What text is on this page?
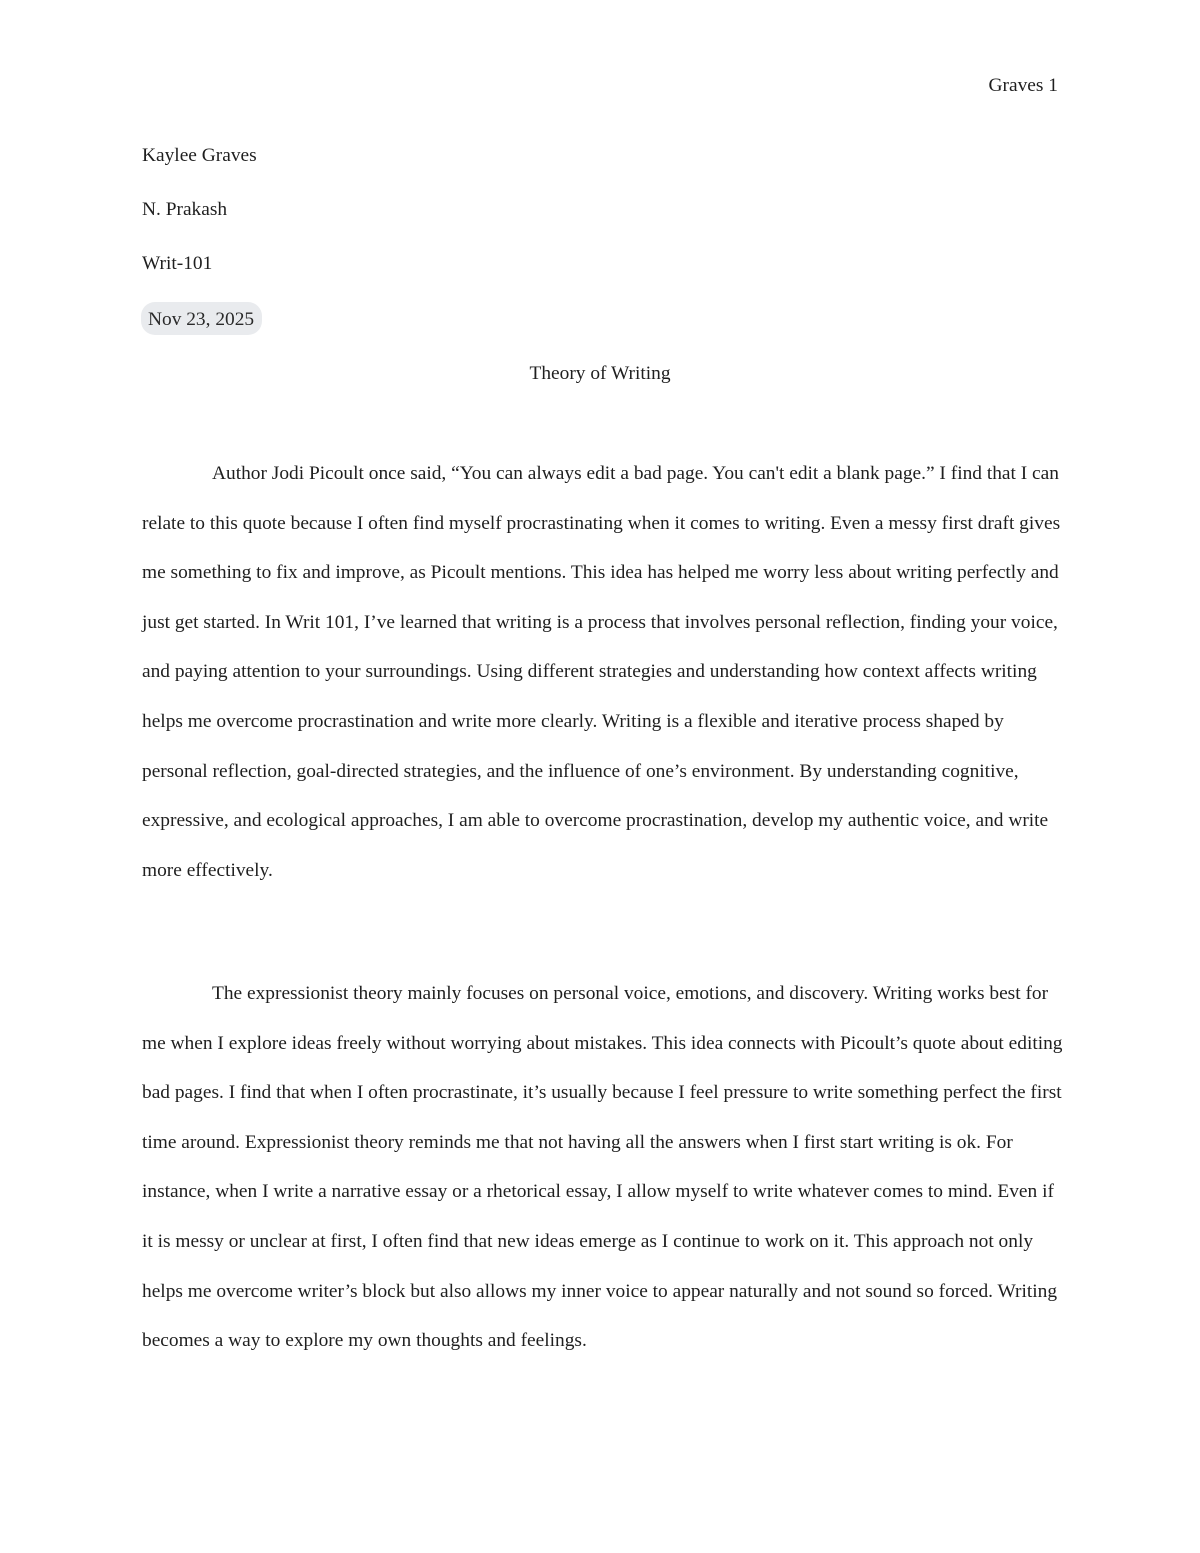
Graves 1
Kaylee Graves
N. Prakash
Writ-101
Nov 23, 2025
Theory of Writing

Author Jodi Picoult once said, “You can always edit a bad page. You can't edit a blank page.” I find that I can relate to this quote because I often find myself procrastinating when it comes to writing. Even a messy first draft gives me something to fix and improve, as Picoult mentions. This idea has helped me worry less about writing perfectly and just get started. In Writ 101, I’ve learned that writing is a process that involves personal reflection, finding your voice, and paying attention to your surroundings. Using different strategies and understanding how context affects writing helps me overcome procrastination and write more clearly. Writing is a flexible and iterative process shaped by personal reflection, goal-directed strategies, and the influence of one’s environment. By understanding cognitive, expressive, and ecological approaches, I am able to overcome procrastination, develop my authentic voice, and write more effectively.

The expressionist theory mainly focuses on personal voice, emotions, and discovery. Writing works best for me when I explore ideas freely without worrying about mistakes. This idea connects with Picoult’s quote about editing bad pages. I find that when I often procrastinate, it’s usually because I feel pressure to write something perfect the first time around. Expressionist theory reminds me that not having all the answers when I first start writing is ok. For instance, when I write a narrative essay or a rhetorical essay, I allow myself to write whatever comes to mind. Even if it is messy or unclear at first, I often find that new ideas emerge as I continue to work on it. This approach not only helps me overcome writer’s block but also allows my inner voice to appear naturally and not sound so forced. Writing becomes a way to explore my own thoughts and feelings.
